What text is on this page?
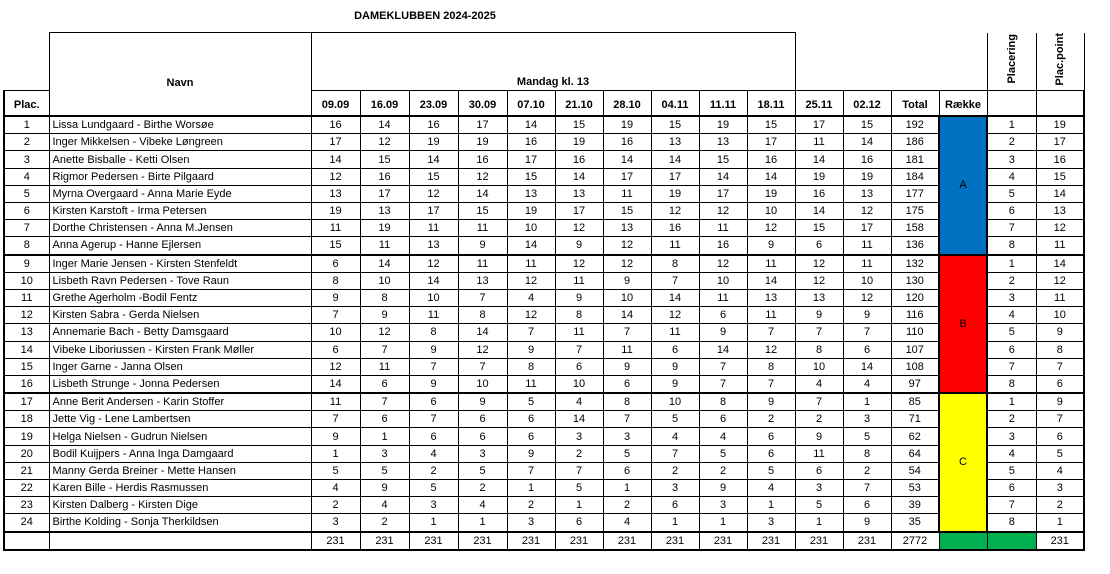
DAMEKLUBBEN 2024-2025
	Navn	Mandag kl. 13														Placering	Plac.point
Plac.		09.09	16.09	23.09	30.09	07.10	21.10	28.10	04.11	11.11	18.11	25.11	02.12	Total	Række		
1	Lissa Lundgaard - Birthe Worsøe	16	14	16	17	14	15	19	15	19	15	17	15	192	A	1	19
2	Inger Mikkelsen - Vibeke Løngreen	17	12	19	19	16	19	16	13	13	17	11	14	186		2	17
3	Anette Bisballe - Ketti Olsen	14	15	14	16	17	16	14	14	15	16	14	16	181		3	16
4	Rigmor Pedersen - Birte Pilgaard	12	16	15	12	15	14	17	17	14	14	19	19	184		4	15
5	Myrna Overgaard - Anna Marie Eyde	13	17	12	14	13	13	11	19	17	19	16	13	177		5	14
6	Kirsten Karstoft - Irma Petersen	19	13	17	15	19	17	15	12	12	10	14	12	175		6	13
7	Dorthe Christensen - Anna M.Jensen	11	19	11	11	10	12	13	16	11	12	15	17	158		7	12
8	Anna Agerup - Hanne Ejlersen	15	11	13	9	14	9	12	11	16	9	6	11	136		8	11
9	Inger Marie Jensen - Kirsten Stenfeldt	6	14	12	11	11	12	12	8	12	11	12	11	132	B	1	14
10	Lisbeth Ravn Pedersen - Tove Raun	8	10	14	13	12	11	9	7	10	14	12	10	130		2	12
11	Grethe Agerholm -Bodil Fentz	9	8	10	7	4	9	10	14	11	13	13	12	120		3	11
12	Kirsten Sabra - Gerda Nielsen	7	9	11	8	12	8	14	12	6	11	9	9	116		4	10
13	Annemarie Bach - Betty Damsgaard	10	12	8	14	7	11	7	11	9	7	7	7	110		5	9
14	Vibeke Liboriussen - Kirsten Frank Møller	6	7	9	12	9	7	11	6	14	12	8	6	107		6	8
15	Inger Garne - Janna Olsen	12	11	7	7	8	6	9	9	7	8	10	14	108		7	7
16	Lisbeth Strunge - Jonna Pedersen	14	6	9	10	11	10	6	9	7	7	4	4	97		8	6
17	Anne Berit Andersen - Karin Stoffer	11	7	6	9	5	4	8	10	8	9	7	1	85	C	1	9
18	Jette Vig - Lene Lambertsen	7	6	7	6	6	14	7	5	6	2	2	3	71		2	7
19	Helga Nielsen - Gudrun Nielsen	9	1	6	6	6	3	3	4	4	6	9	5	62		3	6
20	Bodil Kuijpers - Anna Inga Damgaard	1	3	4	3	9	2	5	7	5	6	11	8	64		4	5
21	Manny Gerda Breiner - Mette Hansen	5	5	2	5	7	7	6	2	2	5	6	2	54		5	4
22	Karen Bille - Herdis Rasmussen	4	9	5	2	1	5	1	3	9	4	3	7	53		6	3
23	Kirsten Dalberg - Kirsten Dige	2	4	3	4	2	1	2	6	3	1	5	6	39		7	2
24	Birthe Kolding - Sonja Therkildsen	3	2	1	1	3	6	4	1	1	3	1	9	35		8	1
		231	231	231	231	231	231	231	231	231	231	231	231	2772			231
